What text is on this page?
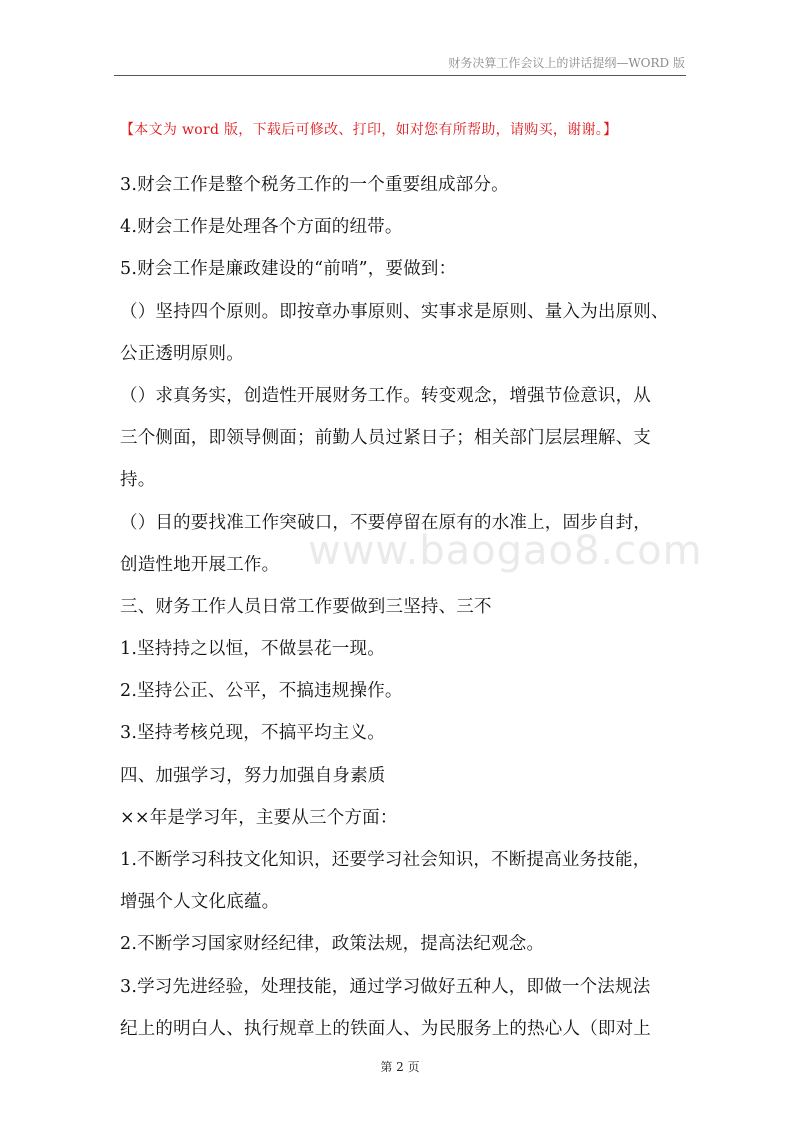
财务决算工作会议上的讲话提纲—WORD 版
【本文为 word 版，下载后可修改、打印，如对您有所帮助，请购买，谢谢。】
3.财会工作是整个税务工作的一个重要组成部分。
4.财会工作是处理各个方面的纽带。
5.财会工作是廉政建设的“前哨”，要做到：
（）坚持四个原则。即按章办事原则、实事求是原则、量入为出原则、
公正透明原则。
（）求真务实，创造性开展财务工作。转变观念，增强节俭意识，从
三个侧面，即领导侧面；前勤人员过紧日子；相关部门层层理解、支
持。
（）目的要找准工作突破口，不要停留在原有的水准上，固步自封，
创造性地开展工作。
三、财务工作人员日常工作要做到三坚持、三不
1.坚持持之以恒，不做昙花一现。
2.坚持公正、公平，不搞违规操作。
3.坚持考核兑现，不搞平均主义。
四、加强学习，努力加强自身素质
××年是学习年，主要从三个方面：
1.不断学习科技文化知识，还要学习社会知识，不断提高业务技能，
增强个人文化底蕴。
2.不断学习国家财经纪律，政策法规，提高法纪观念。
3.学习先进经验，处理技能，通过学习做好五种人，即做一个法规法
纪上的明白人、执行规章上的铁面人、为民服务上的热心人（即对上
www.baogao8.com
第 2 页
